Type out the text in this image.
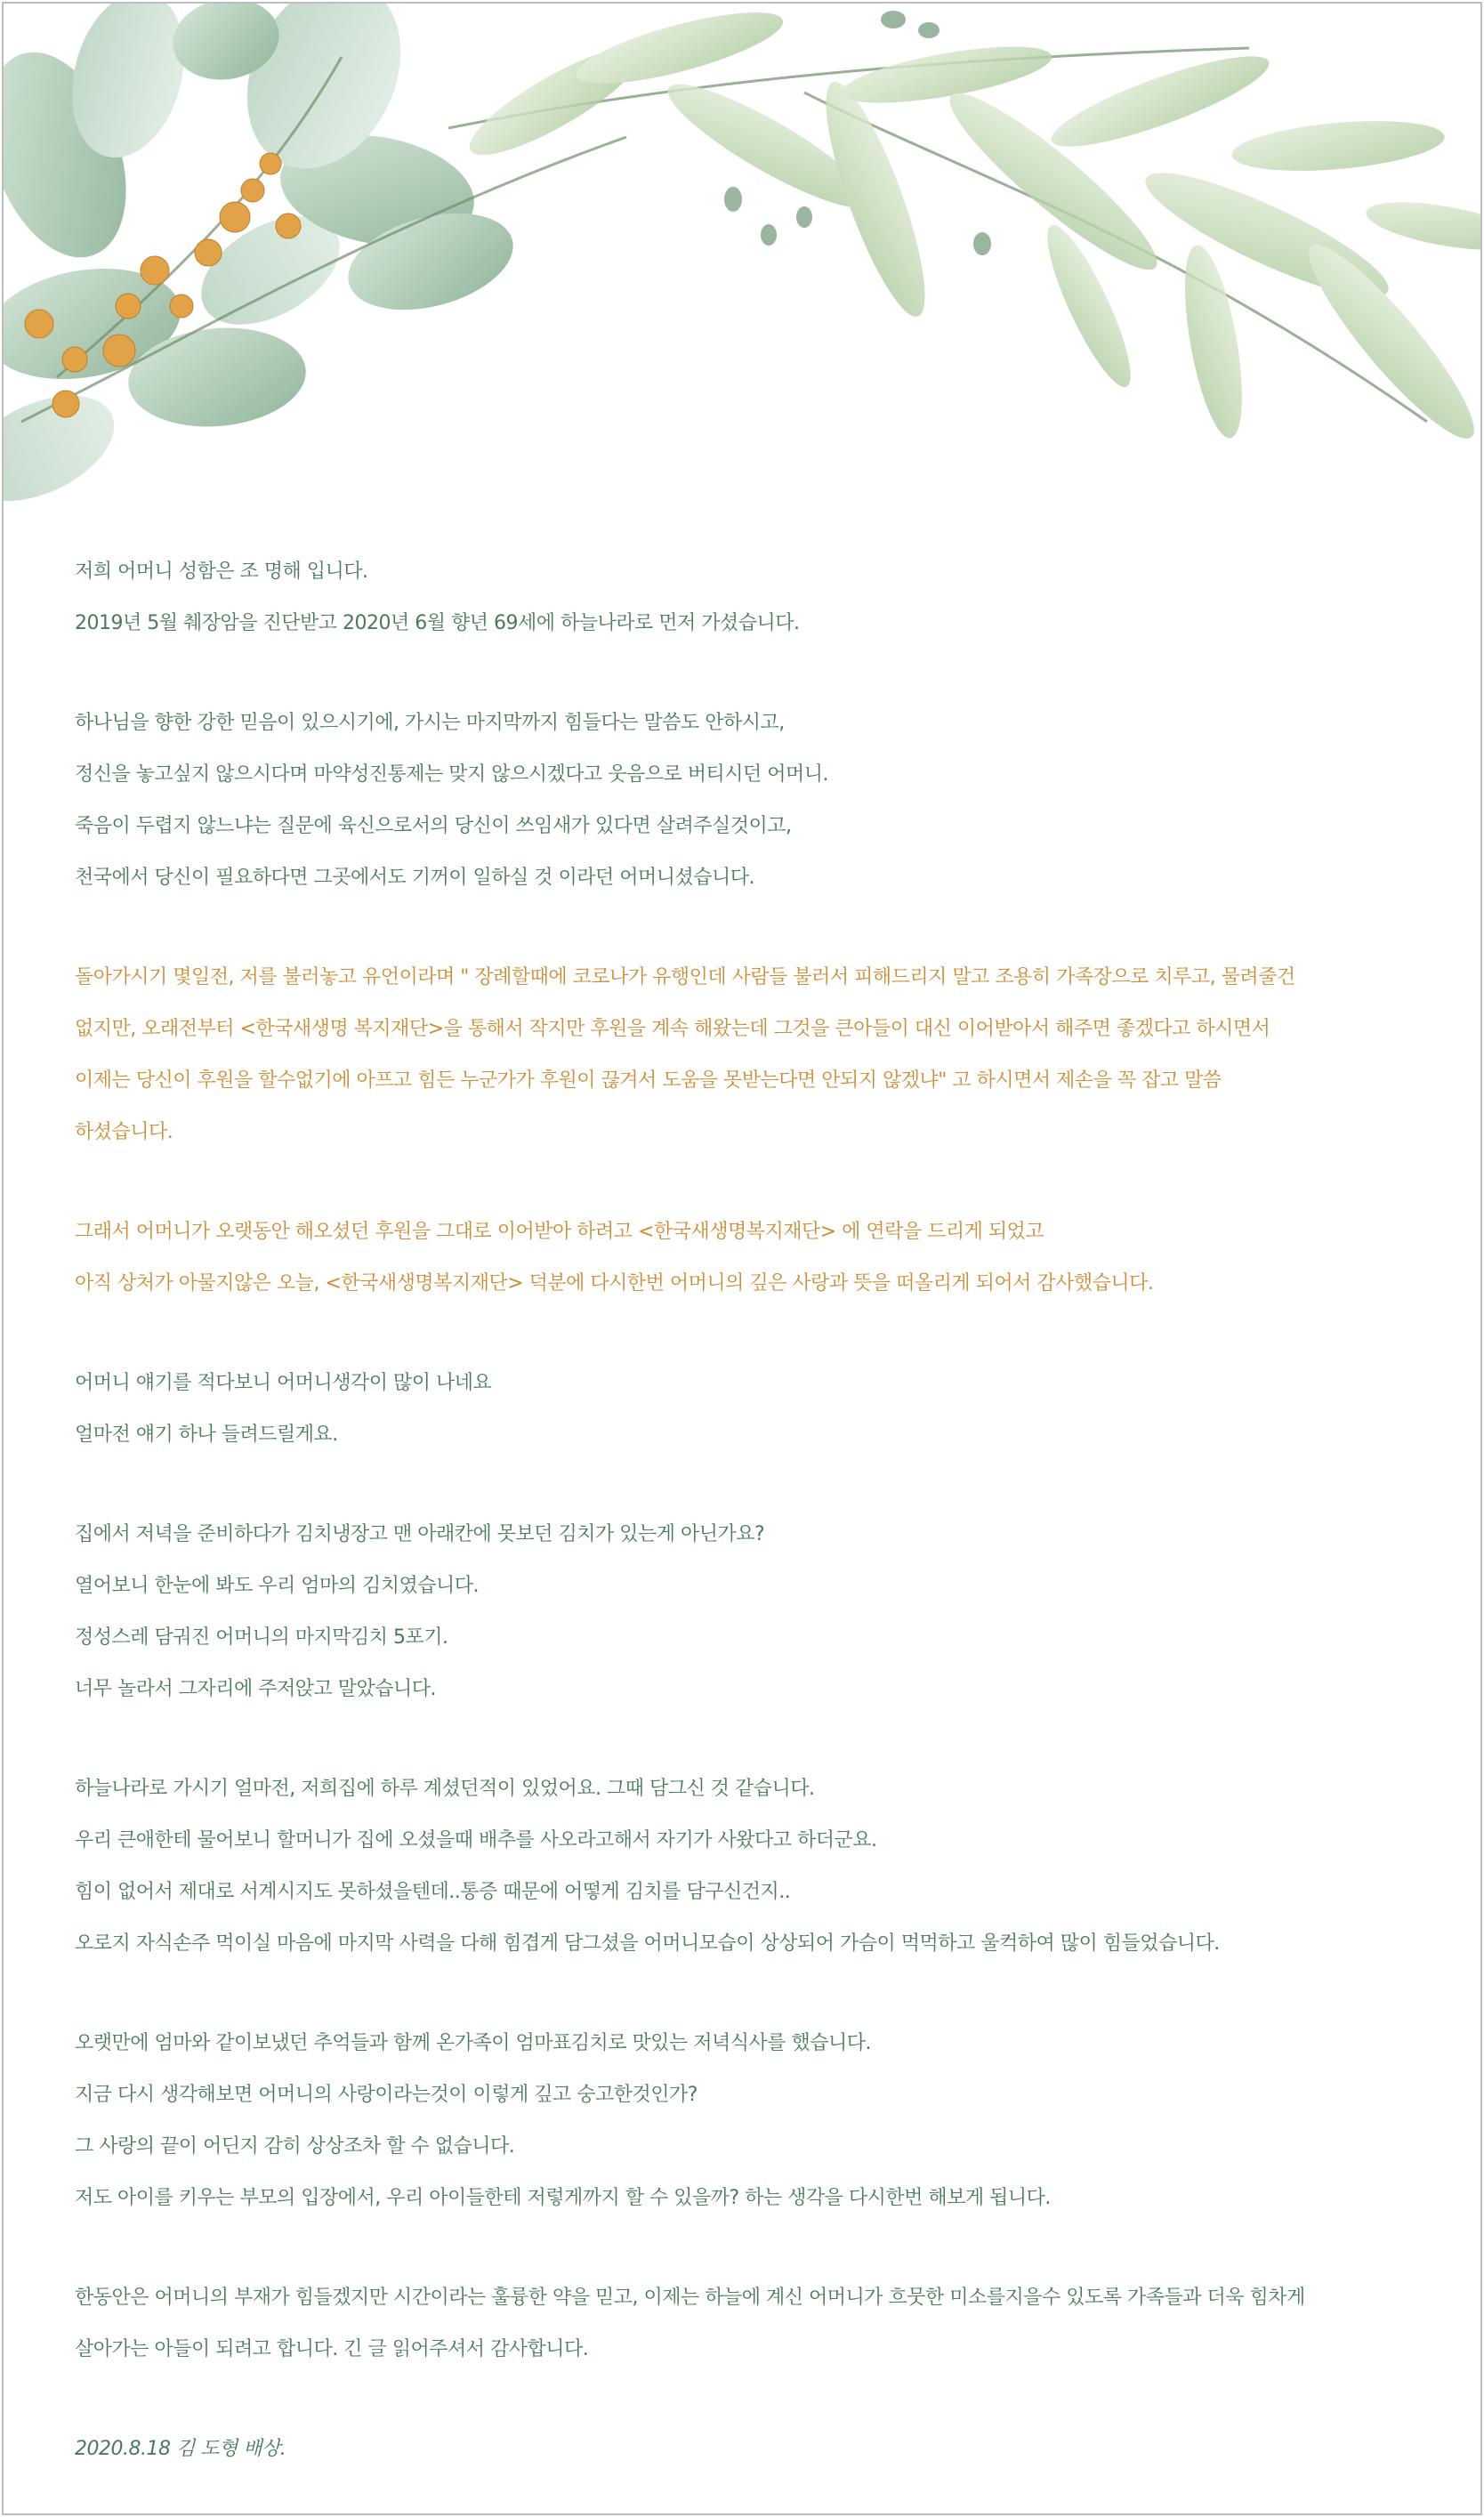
저희 어머니 성함은 조 명해 입니다.
2019년 5월 췌장암을 진단받고 2020년 6월 향년 69세에 하늘나라로 먼저 가셨습니다.
하나님을 향한 강한 믿음이 있으시기에, 가시는 마지막까지 힘들다는 말씀도 안하시고,
정신을 놓고싶지 않으시다며 마약성진통제는 맞지 않으시겠다고 웃음으로 버티시던 어머니.
죽음이 두렵지 않느냐는 질문에 육신으로서의 당신이 쓰임새가 있다면 살려주실것이고,
천국에서 당신이 필요하다면 그곳에서도 기꺼이 일하실 것 이라던 어머니셨습니다.
돌아가시기 몇일전, 저를 불러놓고 유언이라며 " 장례할때에 코로나가 유행인데 사람들 불러서 피해드리지 말고 조용히 가족장으로 치루고, 물려줄건
없지만, 오래전부터 <한국새생명 복지재단>을 통해서 작지만 후원을 계속 해왔는데 그것을 큰아들이 대신 이어받아서 해주면 좋겠다고 하시면서
이제는 당신이 후원을 할수없기에 아프고 힘든 누군가가 후원이 끊겨서 도움을 못받는다면 안되지 않겠냐" 고 하시면서 제손을 꼭 잡고 말씀
하셨습니다.
그래서 어머니가 오랫동안 해오셨던 후원을 그대로 이어받아 하려고 <한국새생명복지재단> 에 연락을 드리게 되었고
아직 상처가 아물지않은 오늘, <한국새생명복지재단> 덕분에 다시한번 어머니의 깊은 사랑과 뜻을 떠올리게 되어서 감사했습니다.
어머니 얘기를 적다보니 어머니생각이 많이 나네요
얼마전 얘기 하나 들려드릴게요.
집에서 저녁을 준비하다가 김치냉장고 맨 아래칸에 못보던 김치가 있는게 아닌가요?
열어보니 한눈에 봐도 우리 엄마의 김치였습니다.
정성스레 담궈진 어머니의 마지막김치 5포기.
너무 놀라서 그자리에 주저앉고 말았습니다.
하늘나라로 가시기 얼마전, 저희집에 하루 계셨던적이 있었어요. 그때 담그신 것 같습니다.
우리 큰애한테 물어보니 할머니가 집에 오셨을때 배추를 사오라고해서 자기가 사왔다고 하더군요.
힘이 없어서 제대로 서계시지도 못하셨을텐데..통증 때문에 어떻게 김치를 담구신건지..
오로지 자식손주 먹이실 마음에 마지막 사력을 다해 힘겹게 담그셨을 어머니모습이 상상되어 가슴이 먹먹하고 울컥하여 많이 힘들었습니다.
오랫만에 엄마와 같이보냈던 추억들과 함께 온가족이 엄마표김치로 맛있는 저녁식사를 했습니다.
지금 다시 생각해보면 어머니의 사랑이라는것이 이렇게 깊고 숭고한것인가?
그 사랑의 끝이 어딘지 감히 상상조차 할 수 없습니다.
저도 아이를 키우는 부모의 입장에서, 우리 아이들한테 저렇게까지 할 수 있을까? 하는 생각을 다시한번 해보게 됩니다.
한동안은 어머니의 부재가 힘들겠지만 시간이라는 훌륭한 약을 믿고, 이제는 하늘에 계신 어머니가 흐뭇한 미소를지을수 있도록 가족들과 더욱 힘차게
살아가는 아들이 되려고 합니다. 긴 글 읽어주셔서 감사합니다.
2020.8.18 김 도형 배상.
